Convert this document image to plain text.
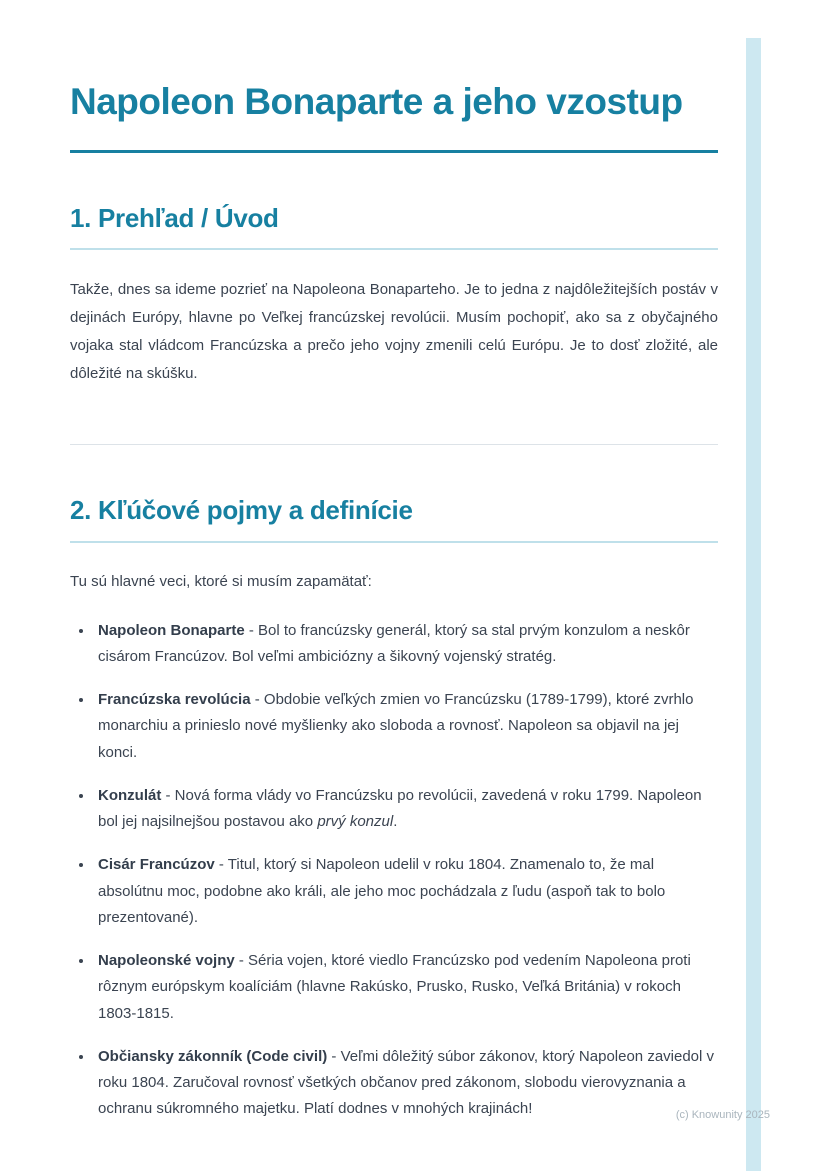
Napoleon Bonaparte a jeho vzostup
1. Prehľad / Úvod

Takže, dnes sa ideme pozrieť na Napoleona Bonaparteho. Je to jedna z najdôležitejších postáv v dejinách Európy, hlavne po Veľkej francúzskej revolúcii. Musím pochopiť, ako sa z obyčajného vojaka stal vládcom Francúzska a prečo jeho vojny zmenili celú Európu. Je to dosť zložité, ale dôležité na skúšku.

2. Kľúčové pojmy a definície

Tu sú hlavné veci, ktoré si musím zapamätať:

• Napoleon Bonaparte - Bol to francúzsky generál, ktorý sa stal prvým konzulom a neskôr cisárom Francúzov. Bol veľmi ambiciózny a šikovný vojenský stratég.
• Francúzska revolúcia - Obdobie veľkých zmien vo Francúzsku (1789-1799), ktoré zvrhlo monarchiu a prinieslo nové myšlienky ako sloboda a rovnosť. Napoleon sa objavil na jej konci.
• Konzulát - Nová forma vlády vo Francúzsku po revolúcii, zavedená v roku 1799. Napoleon bol jej najsilnejšou postavou ako prvý konzul.
• Cisár Francúzov - Titul, ktorý si Napoleon udelil v roku 1804. Znamenalo to, že mal absolútnu moc, podobne ako králi, ale jeho moc pochádzala z ľudu (aspoň tak to bolo prezentované).
• Napoleonské vojny - Séria vojen, ktoré viedlo Francúzsko pod vedením Napoleona proti rôznym európskym koalíciám (hlavne Rakúsko, Prusko, Rusko, Veľká Británia) v rokoch 1803-1815.
• Občiansky zákonník (Code civil) - Veľmi dôležitý súbor zákonov, ktorý Napoleon zaviedol v roku 1804. Zaručoval rovnosť všetkých občanov pred zákonom, slobodu vierovyznania a ochranu súkromného majetku. Platí dodnes v mnohých krajinách!	(c) Knowunity 2025
